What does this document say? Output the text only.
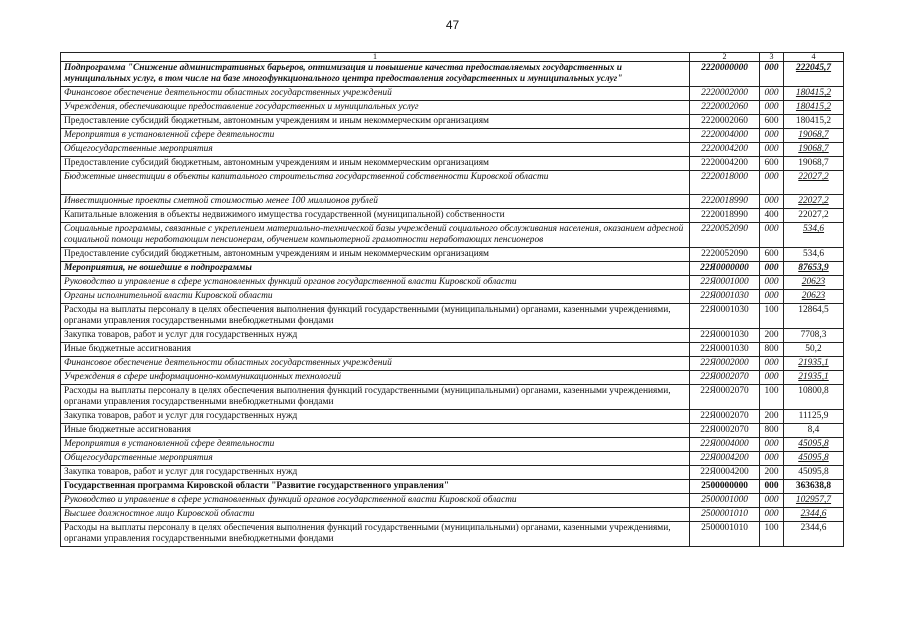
47
1	2	3	4
Подпрограмма "Снижение административных барьеров, оптимизация и повышение качества предоставляемых государственных и муниципальных услуг, в том числе на базе многофункционального центра предоставления государственных и муниципальных услуг"	2220000000	000	222045,7
Финансовое обеспечение деятельности областных государственных учреждений	2220002000	000	180415,2
Учреждения, обеспечивающие предоставление государственных и муниципальных услуг	2220002060	000	180415,2
Предоставление субсидий бюджетным, автономным учреждениям и иным некоммерческим организациям	2220002060	600	180415,2
Мероприятия в установленной сфере деятельности	2220004000	000	19068,7
Общегосударственные мероприятия	2220004200	000	19068,7
Предоставление субсидий бюджетным, автономным учреждениям и иным некоммерческим организациям	2220004200	600	19068,7
Бюджетные инвестиции в объекты капитального строительства государственной собственности Кировской области	2220018000	000	22027,2
Инвестиционные проекты сметной стоимостью менее 100 миллионов рублей	2220018990	000	22027,2
Капитальные вложения в объекты недвижимого имущества государственной (муниципальной) собственности	2220018990	400	22027,2
Социальные программы, связанные с укреплением материально-технической базы учреждений социального обслуживания населения, оказанием адресной социальной помощи неработающим пенсионерам, обучением компьютерной грамотности неработающих пенсионеров	2220052090	000	534,6
Предоставление субсидий бюджетным, автономным учреждениям и иным некоммерческим организациям	2220052090	600	534,6
Мероприятия, не вошедшие в подпрограммы	22Я0000000	000	87653,9
Руководство и управление в сфере установленных функций органов государственной власти Кировской области	22Я0001000	000	20623
Органы исполнительной власти Кировской области	22Я0001030	000	20623
Расходы на выплаты персоналу в целях обеспечения выполнения функций государственными (муниципальными) органами, казенными учреждениями, органами управления государственными внебюджетными фондами	22Я0001030	100	12864,5
Закупка товаров, работ и услуг для государственных нужд	22Я0001030	200	7708,3
Иные бюджетные ассигнования	22Я0001030	800	50,2
Финансовое обеспечение деятельности областных государственных учреждений	22Я0002000	000	21935,1
Учреждения в сфере информационно-коммуникационных технологий	22Я0002070	000	21935,1
Расходы на выплаты персоналу в целях обеспечения выполнения функций государственными (муниципальными) органами, казенными учреждениями, органами управления государственными внебюджетными фондами	22Я0002070	100	10800,8
Закупка товаров, работ и услуг для государственных нужд	22Я0002070	200	11125,9
Иные бюджетные ассигнования	22Я0002070	800	8,4
Мероприятия в установленной сфере деятельности	22Я0004000	000	45095,8
Общегосударственные мероприятия	22Я0004200	000	45095,8
Закупка товаров, работ и услуг для государственных нужд	22Я0004200	200	45095,8
Государственная программа Кировской области "Развитие государственного управления"	2500000000	000	363638,8
Руководство и управление в сфере установленных функций органов государственной власти Кировской области	2500001000	000	102957,7
Высшее должностное лицо Кировской области	2500001010	000	2344,6
Расходы на выплаты персоналу в целях обеспечения выполнения функций государственными (муниципальными) органами, казенными учреждениями, органами управления государственными внебюджетными фондами	2500001010	100	2344,6
